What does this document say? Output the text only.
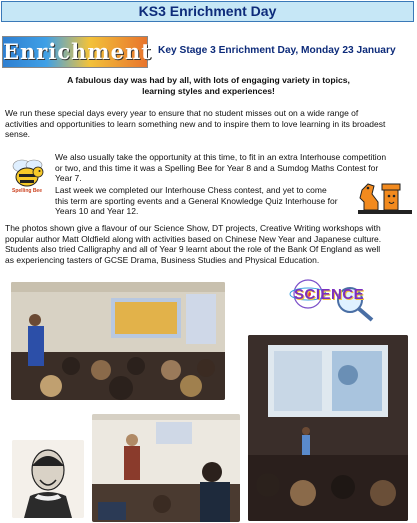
KS3 Enrichment Day
Enrichment Key Stage 3 Enrichment Day, Monday 23 January
A fabulous day was had by all, with lots of engaging variety in topics,
learning styles and experiences!
We run these special days every year to ensure that no student misses out on a wide range of
activities and opportunities to learn something new and to inspire them to love learning in its broadest
sense.
Spelling Bee
We also usually take the opportunity at this time, to fit in an extra Interhouse competition
or two, and this time it was a Spelling Bee for Year 8 and a Sumdog Maths Contest for
Year 7.
Last week we completed our Interhouse Chess contest, and yet to come
this term are sporting events and a General Knowledge Quiz Interhouse for
Years 10 and Year 12.
The photos shown give a flavour of our Science Show, DT projects, Creative Writing workshops with
popular author Matt Oldfield along with activities based on Chinese New Year and Japanese culture.
Students also tried Calligraphy and all of Year 9 learnt about the role of the Bank Of England as well
as experiencing tasters of GCSE Drama, Business Studies and Physical Education.
SCIENCE
